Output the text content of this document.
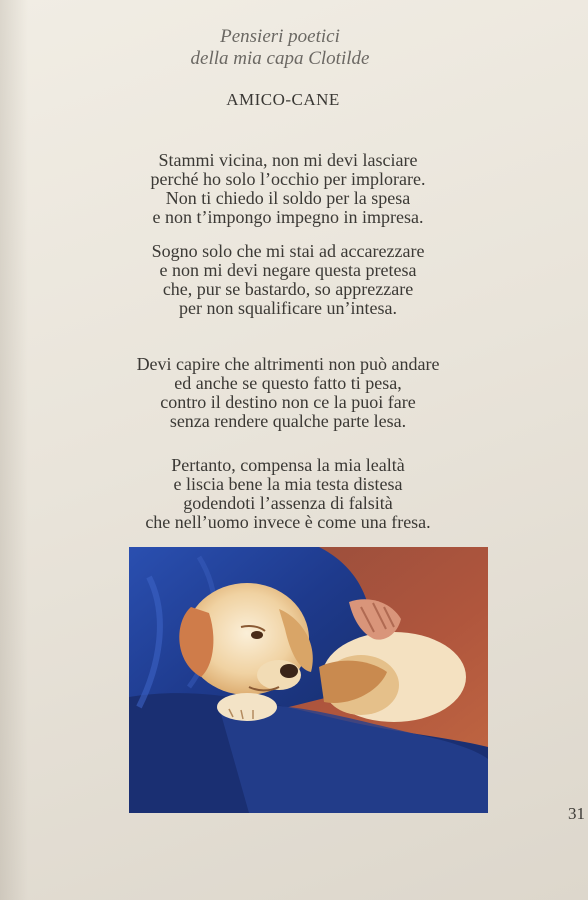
Pensieri poetici
della mia capa Clotilde
AMICO-CANE
Stammi vicina, non mi devi lasciare
perché ho solo l’occhio per implorare.
Non ti chiedo il soldo per la spesa
e non t’impongo impegno in impresa.
Sogno solo che mi stai ad accarezzare
e non mi devi negare questa pretesa
che, pur se bastardo, so apprezzare
per non squalificare un’intesa.
Devi capire che altrimenti non può andare
ed anche se questo fatto ti pesa,
contro il destino non ce la puoi fare
senza rendere qualche parte lesa.
Pertanto, compensa la mia lealtà
e liscia bene la mia testa distesa
godendoti l’assenza di falsità
che nell’uomo invece è come una fresa.
31
